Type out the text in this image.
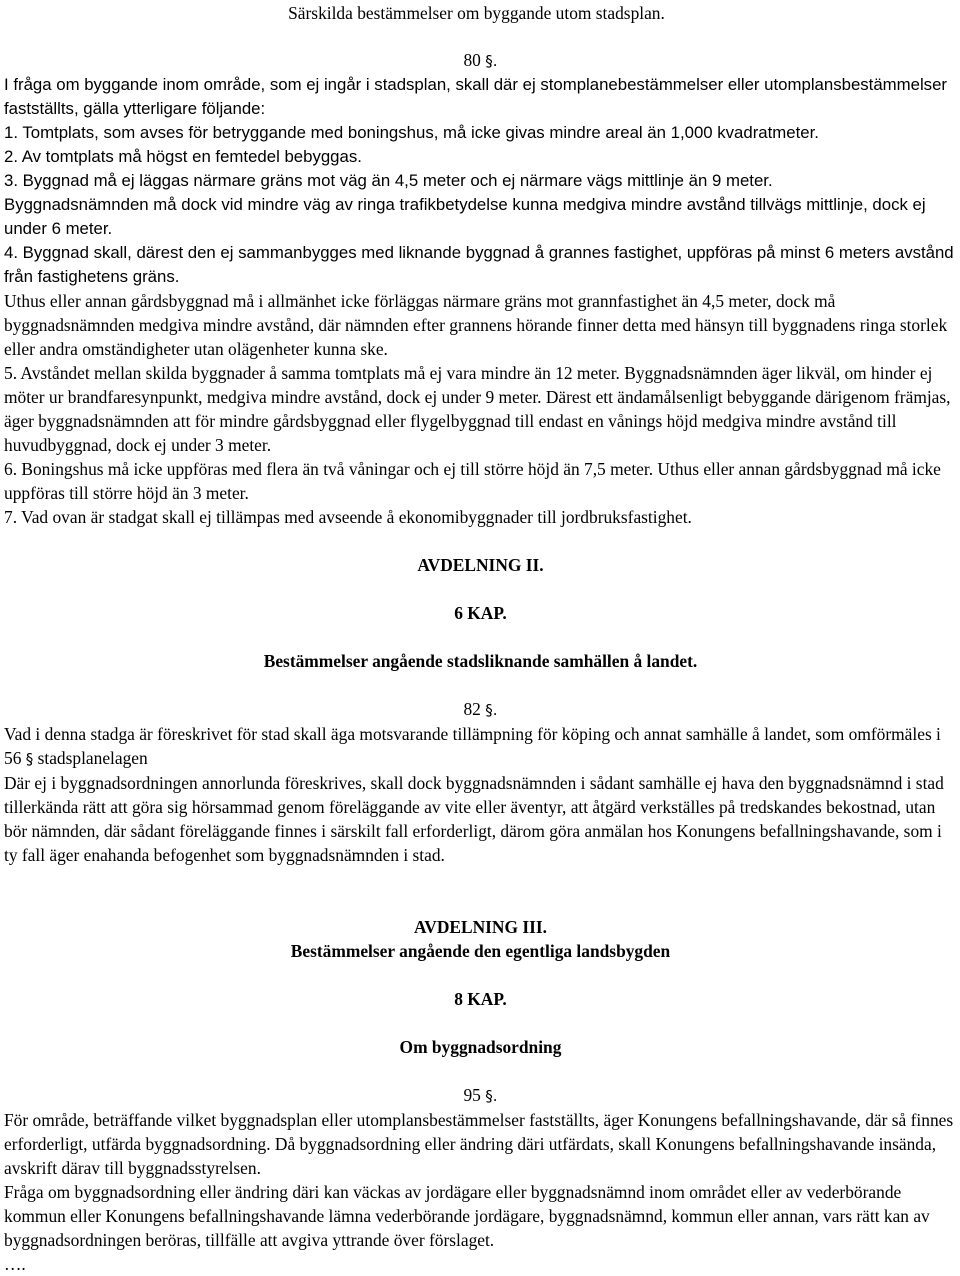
Särskilda bestämmelser om byggande utom stadsplan.
80 §.
I fråga om byggande inom område, som ej ingår i stadsplan, skall där ej stomplanebestämmelser eller utomplansbestämmelser fastställts, gälla ytterligare följande:
1. Tomtplats, som avses för betryggande med boningshus, må icke givas mindre areal än 1,000 kvadratmeter.
2. Av tomtplats må högst en femtedel bebyggas.
3. Byggnad må ej läggas närmare gräns mot väg än 4,5 meter och ej närmare vägs mittlinje än 9 meter.
Byggnadsnämnden må dock vid mindre väg av ringa trafikbetydelse kunna medgiva mindre avstånd tillvägs mittlinje, dock ej under 6 meter.
4. Byggnad skall, därest den ej sammanbygges med liknande byggnad å grannes fastighet, uppföras på minst 6 meters avstånd från fastighetens gräns.
Uthus eller annan gårdsbyggnad må i allmänhet icke förläggas närmare gräns mot grannfastighet än 4,5 meter, dock må byggnadsnämnden medgiva mindre avstånd, där nämnden efter grannens hörande finner detta med hänsyn till byggnadens ringa storlek eller andra omständigheter utan olägenheter kunna ske.
5. Avståndet mellan skilda byggnader å samma tomtplats må ej vara mindre än 12 meter. Byggnadsnämnden äger likväl, om hinder ej möter ur brandfaresynpunkt, medgiva mindre avstånd, dock ej under 9 meter. Därest ett ändamålsenligt bebyggande därigenom främjas, äger byggnadsnämnden att för mindre gårdsbyggnad eller flygelbyggnad till endast en vånings höjd medgiva mindre avstånd till huvudbyggnad, dock ej under 3 meter.
6. Boningshus må icke uppföras med flera än två våningar och ej till större höjd än 7,5 meter. Uthus eller annan gårdsbyggnad må icke uppföras till större höjd än 3 meter.
7. Vad ovan är stadgat skall ej tillämpas med avseende å ekonomibyggnader till jordbruksfastighet.
AVDELNING II.
6 KAP.
Bestämmelser angående stadsliknande samhällen å landet.
82 §.
Vad i denna stadga är föreskrivet för stad skall äga motsvarande tillämpning för köping och annat samhälle å landet, som omförmäles i 56 § stadsplanelagen
Där ej i byggnadsordningen annorlunda föreskrives, skall dock byggnadsnämnden i sådant samhälle ej hava den byggnadsnämnd i stad tillerkända rätt att göra sig hörsammad genom föreläggande av vite eller äventyr, att åtgärd verkställes på tredskandes bekostnad, utan bör nämnden, där sådant föreläggande finnes i särskilt fall erforderligt, därom göra anmälan hos Konungens befallningshavande, som i ty fall äger enahanda befogenhet som byggnadsnämnden i stad.
AVDELNING III.
Bestämmelser angående den egentliga landsbygden
8 KAP.
Om byggnadsordning
95 §.
För område, beträffande vilket byggnadsplan eller utomplansbestämmelser fastställts, äger Konungens befallningshavande, där så finnes erforderligt, utfärda byggnadsordning. Då byggnadsordning eller ändring däri utfärdats, skall Konungens befallningshavande insända, avskrift därav till byggnadsstyrelsen.
Fråga om byggnadsordning eller ändring däri kan väckas av jordägare eller byggnadsnämnd inom området eller av vederbörande kommun eller Konungens befallningshavande lämna vederbörande jordägare, byggnadsnämnd, kommun eller annan, vars rätt kan av byggnadsordningen beröras, tillfälle att avgiva yttrande över förslaget.
….
